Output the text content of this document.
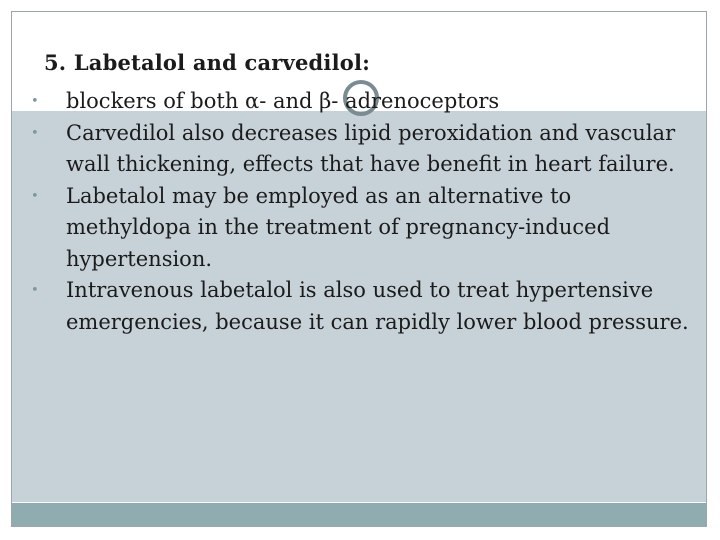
5. Labetalol and carvedilol:
• blockers of both α- and β- adrenoceptors
• Carvedilol also decreases lipid peroxidation and vascular wall thickening, effects that have benefit in heart failure.
• Labetalol may be employed as an alternative to methyldopa in the treatment of pregnancy-induced hypertension.
• Intravenous labetalol is also used to treat hypertensive emergencies, because it can rapidly lower blood pressure.
